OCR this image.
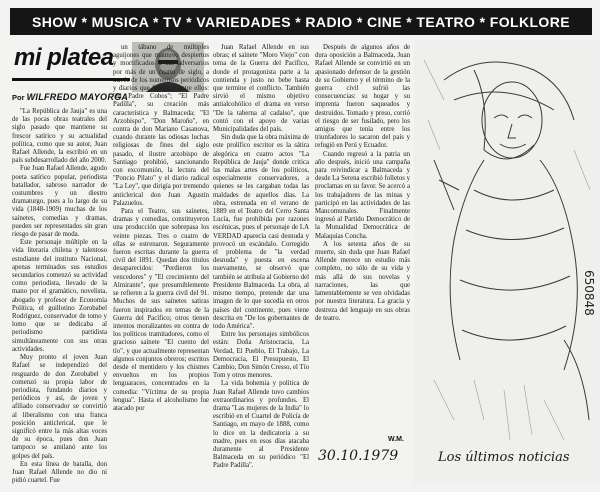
SHOW * MUSICA * TV * VARIEDADES * RADIO * CINE * TEATRO * FOLKLORE
mi platea
Por WILFREDO MAYORGA

"La República de Jauja" es una de las pocas obras teatrales del siglo pasado que mantiene su frescor satírico y su actualidad política, como que su autor, Juan Rafael Allende, la escribió en un país subdesarrollado del año 2000.

Fue Juan Rafael Allende, agudo poeta satírico popular, periodista batallador, sabroso narrador de costumbres y un diestro dramaturgo, pues a lo largo de su vida (1848-1909) muchas de los saínetes, comedias y dramas, pueden ser representados sin gran riesgo de pasar de moda.

Este personaje múltiple en la vida literaria chilena y talentoso estudiante del instituto Nacional, apenas terminados sus estudios secundarios comenzó su actividad como periodista, llevado de la mano por el gramático, novelista, abogado y profesor de Economía Política, el guillotino Zorobabel Rodríguez, conservador de tomo y lomo que se dedicaba al periodismo partidista simultáneamente con sus otras actividades.

Muy pronto el joven Juan Rafael se independizó del resguardo de don Zorobabel y comenzó su propia labor de periodista, fundando diarios y periódicos y así, de joven y afiliado conservador se convirtió al liberalismo con una franca posición anticlerical, que le significó entre la más altas voces de su época, pues don Juan tampoco se amilanó ante los golpes del país.

En esta línea de batalla, don Juan Rafael Allende no dio ni pidió cuartel. Fue

un tábano de múltiples aguijones que mantuvo despiertos y mortificados a sus adversarios por más de un cuarto de siglo, a través de los numerosos periódicos y diarios que fundó; y entre ellos: "El Padre Cobos"; "El Padre Padilla", su creación más característica y Balmaceda; "El Arzobispo", "Don Maroño", en contra de don Mariano Casanova, cuando durante las odiosas luchas religiosas de fines del siglo pasado, el ilustre arzobispo de Santiago prohibió, sancionando con excomunión, la lectura del "Poncio Pilato" y el diario radical "La Ley", que dirigía por tremendo anticlerical don Juan Agustín Palazuelos.

Para el Teatro, sus saínetes, dramas y comedias, constituyeron una producción que sobrepasa los veinte piezas. Tres o cuatro de ellas se estrenaron. Seguramente fueron escritas durante la guerra civil del 1891. Quedan dos títulos desaparecidos: "Perdieron los vencedores" y "El crecimiento del Almirante", que presumiblemente se refieren a la guerra civil del 91. Muchos de sus saínetes satiras fueron inspirados en temas de la Guerra del Pacífico; otros tienen intentos moralizantes en contra de los políticos tramitadores, como el gracioso saínete "El cuento del tío", y que actualmente representan algunos conjuntos obreros; escritos desde el mentidero y los chismes envueltos en los propios lenguaraces, concentrados en la comedia: "Víctima de su propia lengua". Hasta el alcoholismo fue atacado por

Juan Rafael Allende en sus obras; el saínete "Moro Viejo" con tema de la Guerra del Pacífico, donde el protagonista parte a la contienda y justo no bebe hasta que termine el conflicto. También sirvió el mismo objetivo antialcohólico el drama en verso "De la taberna al cadalso", que contó con el apoyo de varias Municipalidades del país.

Sin duda que la obra máxima de este prolífico escritor es la sátira alegórica en cuatro actos "La República de Jauja" donde critica las malas artes de los políticos, especialmente conservadores, a quienes se les cargaban todas las maldades de aquellos días. La obra, estrenada en el verano de 1889 en el Teatro del Cerro Santa Lucía, fue prohibida por razones escénicas, pues el personaje de LA VERDAD aparecía casi desnuda y provocó un escándalo. Corregido el problema de "la verdad desnuda" y puesta en escena nuevamente, se observó que también se atribuía al Gobierno del Presidente Balmaceda. La obra, al mismo tiempo, pretende dar una imagen de lo que sucedía en otros países del continente, pues viene descrita en "De los gobernantes de todo América".

Entre los personajes simbólicos están: Doña Aristocracia, La Verdad, El Pueblo, El Trabajo, La Democracia, El Presupuesto, El Cambio, Don Simón Cresso, el Tío Tom y otros menores.

La vida bohemia y política de Juan Rafael Allende tuvo cambios extraordinarios y profundos. El drama "Las mujeres de la India" lo escribió en el Cuartel de Policía de Santiago, en mayo de 1888, como lo dice en la dedicatoria a su madre, pues en esos días atacaba duramente al Presidente Balmaceda en su periódico "El Padre Padilla".

Después de algunos años de dura oposición a Balmaceda, Juan Rafael Allende se convirtió en un apasionado defensor de la gestión de su Gobierno y el término de la guerra civil sufrió las consecuencias: su hogar y su imprenta fueron saqueados y destruidos. Tomado y preso, corrió el riesgo de ser fusilado, pero los amigos que tenía entre los triunfadores lo sacaron del país y refugió en Perú y Ecuador.

Cuando regresó a la patria un año después, inició una campaña para reivindicar a Balmaceda y desde La Serena escribió folletos y proclamas en su favor. Se acercó a los trabajadores de las minas y participó en las actividades de las Mancomunales. Finalmente ingresó al Partido Democrático de la Mutualidad Democrática de Malaquías Concha.

A los setenta años de su muerte, sin duda que Juan Rafael Allende merece un estudio más completo, no sólo de su vida y más allá de sus novelas y narraciones, las que lamentablemente se ven olvidadas por nuestra literatura. La gracia y destreza del lenguaje en sus obras de teatro.

650848
W.M.
30.10.1979	Los últimos noticias
